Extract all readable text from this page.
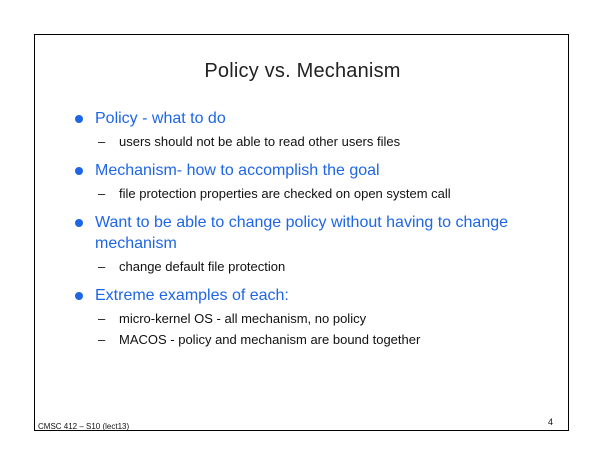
Policy vs. Mechanism
Policy - what to do
– users should not be able to read other users files
Mechanism- how to accomplish the goal
– file protection properties are checked on open system call
Want to be able to change policy without having to change mechanism
– change default file protection
Extreme examples of each:
– micro-kernel OS - all mechanism, no policy
– MACOS - policy and mechanism are bound together
CMSC 412 – S10 (lect13)	4
